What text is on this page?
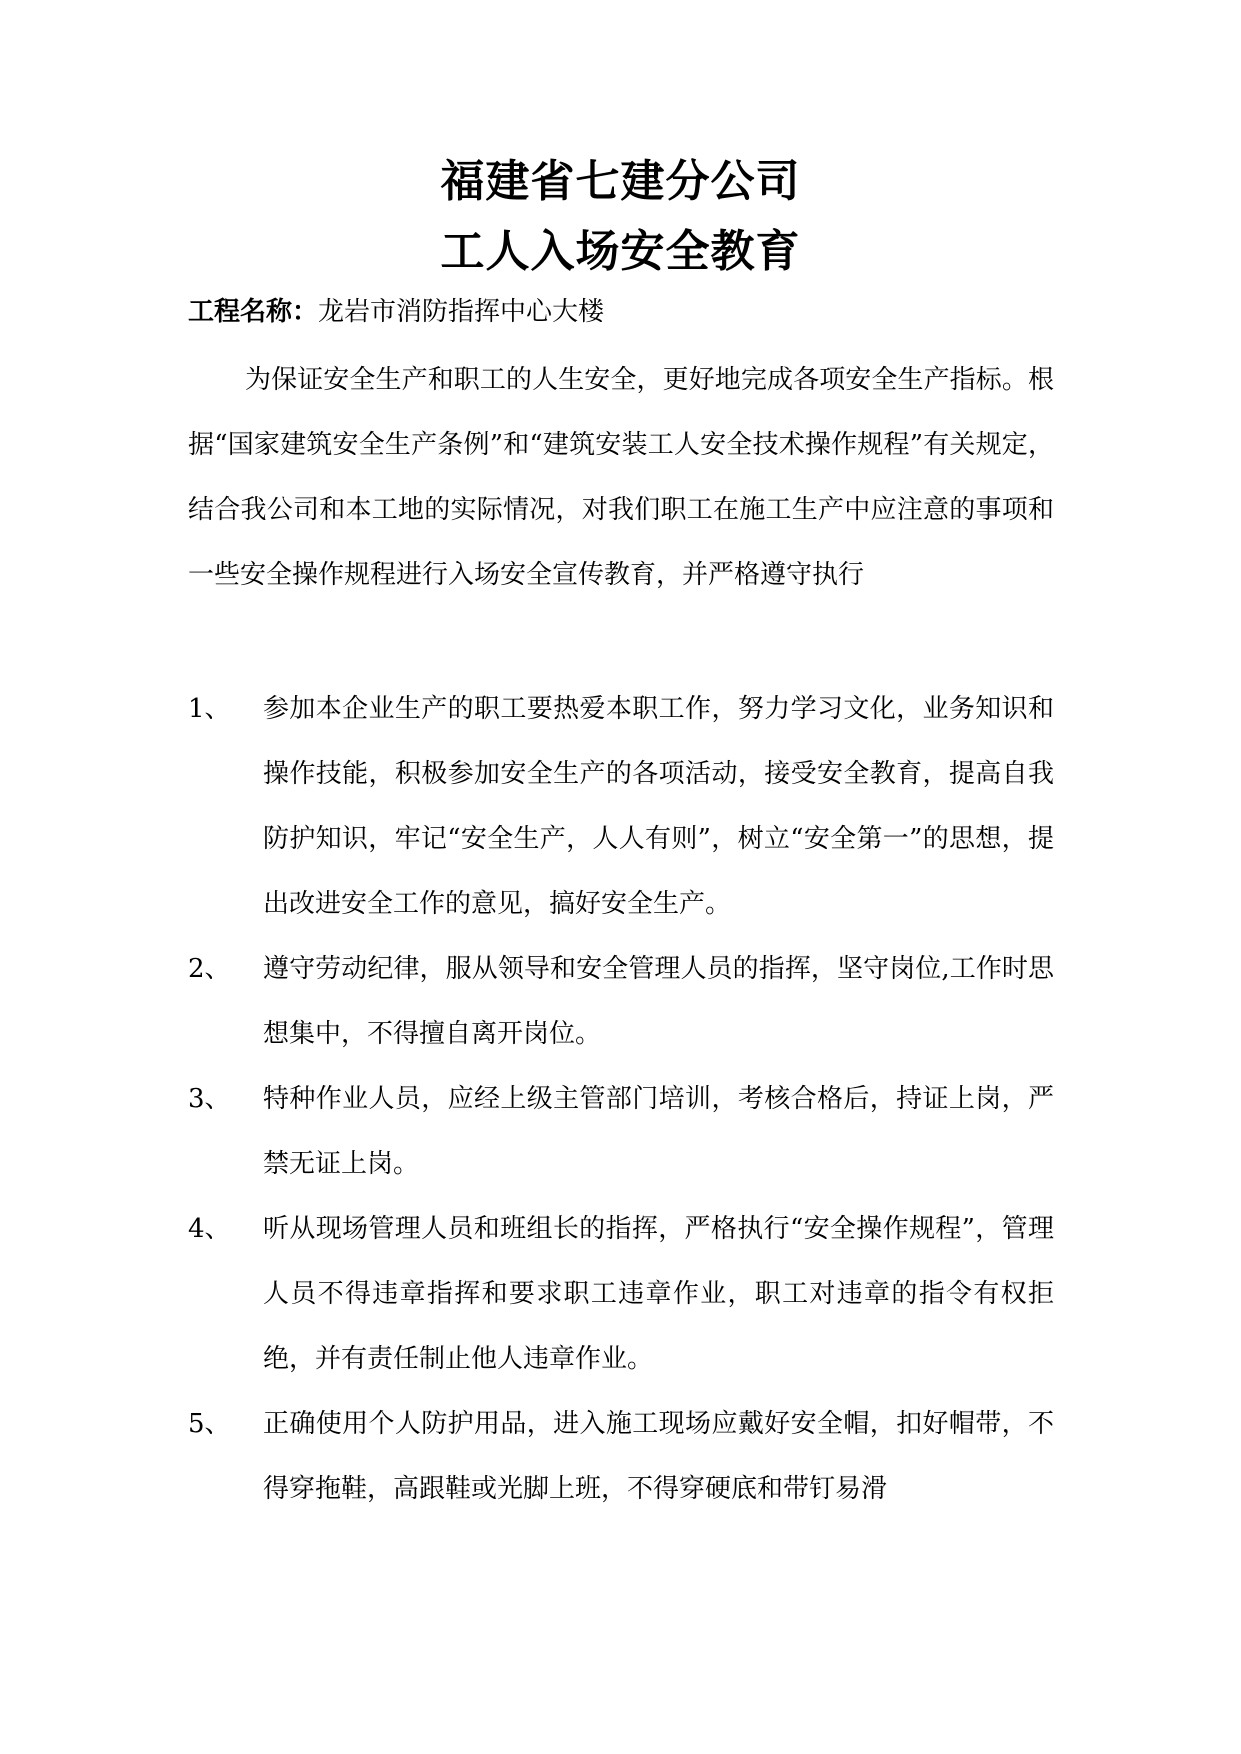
福建省七建分公司
工人入场安全教育
工程名称：龙岩市消防指挥中心大楼

为保证安全生产和职工的人生安全，更好地完成各项安全生产指标。根据“国家建筑安全生产条例”和“建筑安装工人安全技术操作规程”有关规定，结合我公司和本工地的实际情况，对我们职工在施工生产中应注意的事项和一些安全操作规程进行入场安全宣传教育，并严格遵守执行

1、	参加本企业生产的职工要热爱本职工作，努力学习文化，业务知识和操作技能，积极参加安全生产的各项活动，接受安全教育，提高自我防护知识，牢记“安全生产，人人有则”，树立“安全第一”的思想，提出改进安全工作的意见，搞好安全生产。
2、	遵守劳动纪律，服从领导和安全管理人员的指挥，坚守岗位,工作时思想集中，不得擅自离开岗位。
3、	特种作业人员，应经上级主管部门培训，考核合格后，持证上岗，严禁无证上岗。
4、	听从现场管理人员和班组长的指挥，严格执行“安全操作规程”，管理人员不得违章指挥和要求职工违章作业，职工对违章的指令有权拒绝，并有责任制止他人违章作业。
5、	正确使用个人防护用品，进入施工现场应戴好安全帽，扣好帽带，不得穿拖鞋，高跟鞋或光脚上班，不得穿硬底和带钉易滑
